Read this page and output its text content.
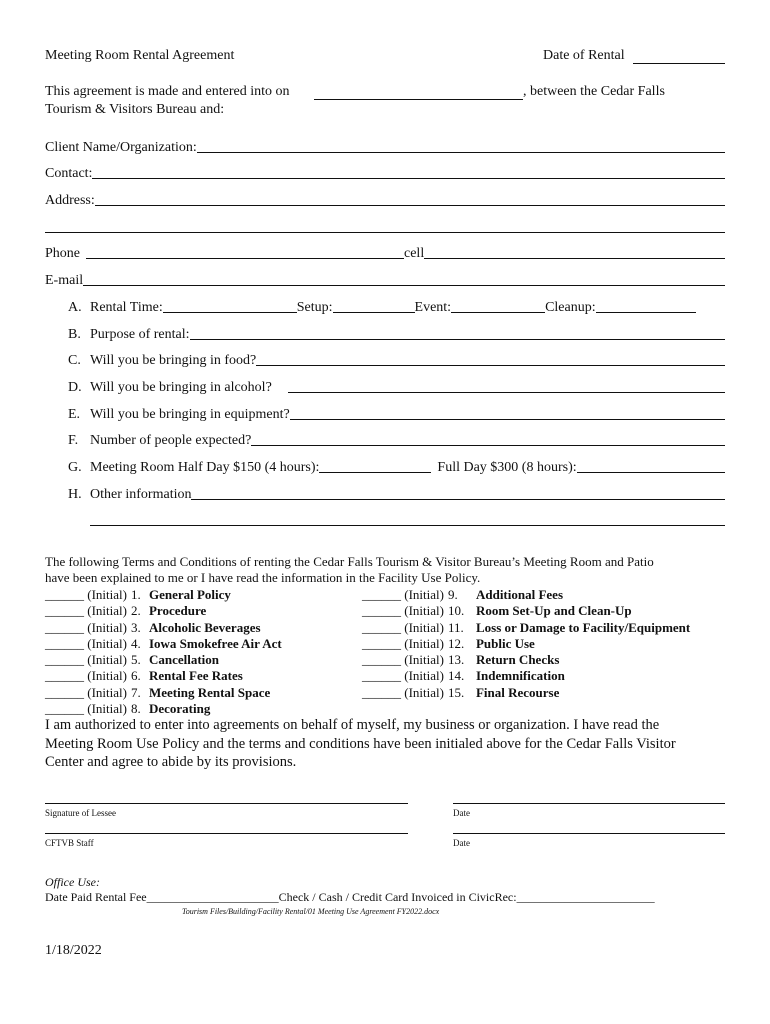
Meeting Room Rental Agreement	Date of Rental
This agreement is made and entered into on	, between the Cedar Falls
Tourism & Visitors Bureau and:
Client Name/Organization:
Contact:
Address:
Phone	cell
E-mail
A. Rental Time:	Setup:	Event:	Cleanup:
B. Purpose of rental:
C. Will you be bringing in food?
D. Will you be bringing in alcohol?
E. Will you be bringing in equipment?
F. Number of people expected?
G. Meeting Room Half Day $150 (4 hours):	Full Day $300 (8 hours):
H. Other information
The following Terms and Conditions of renting the Cedar Falls Tourism & Visitor Bureau’s Meeting Room and Patio
have been explained to me or I have read the information in the Facility Use Policy.
______ (Initial) 1. General Policy
______ (Initial) 2. Procedure
______ (Initial) 3. Alcoholic Beverages
______ (Initial) 4. Iowa Smokefree Air Act
______ (Initial) 5. Cancellation
______ (Initial) 6. Rental Fee Rates
______ (Initial) 7. Meeting Rental Space
______ (Initial) 8. Decorating
______ (Initial) 9.	Additional Fees
______ (Initial) 10. Room Set-Up and Clean-Up
______ (Initial) 11. Loss or Damage to Facility/Equipment
______ (Initial) 12. Public Use
______ (Initial) 13. Return Checks
______ (Initial) 14. Indemnification
______ (Initial) 15. Final Recourse
I am authorized to enter into agreements on behalf of myself, my business or organization. I have read the
Meeting Room Use Policy and the terms and conditions have been initialed above for the Cedar Falls Visitor
Center and agree to abide by its provisions.
Signature of Lessee	Date
CFTVB Staff	Date
Office Use:
Date Paid Rental Fee______________________Check / Cash / Credit Card Invoiced in CivicRec:_______________________
Tourism Files/Building/Facility Rental/01 Meeting Use Agreement FY2022.docx
1/18/2022
